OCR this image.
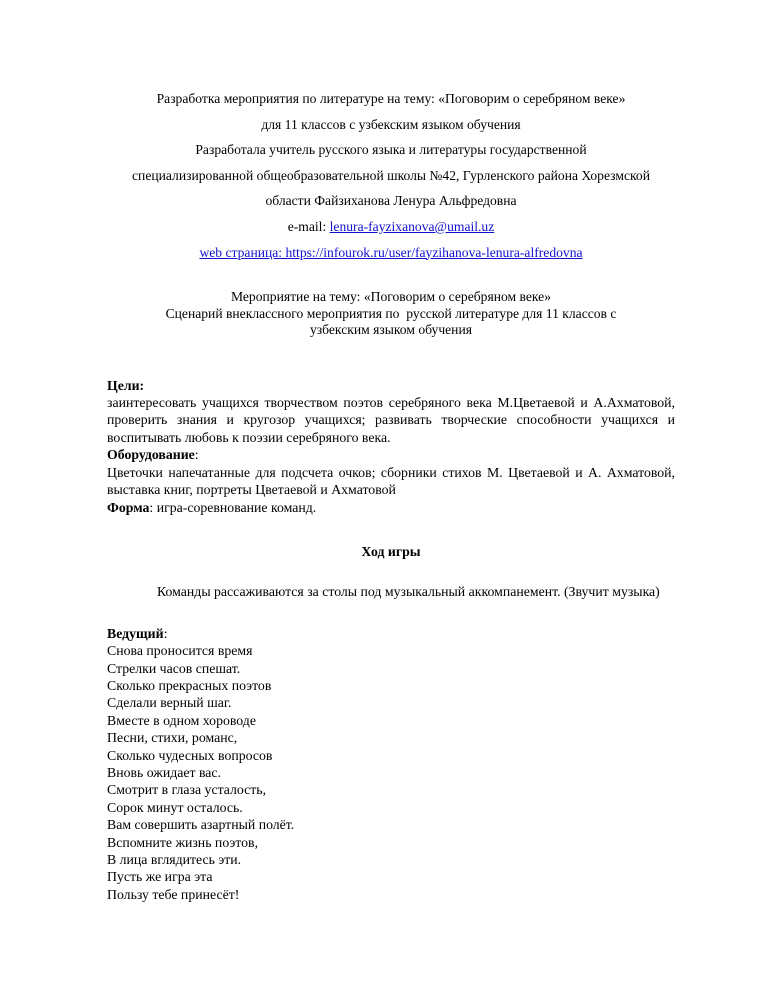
Разработка мероприятия по литературе на тему: «Поговорим о серебряном веке»
для 11 классов с узбекским языком обучения
Разработала учитель русского языка и литературы государственной
специализированной общеобразовательной школы №42, Гурленского района Хорезмской
области Файзиханова Ленура Альфредовна
e-mail: lenura-fayzixanova@umail.uz
web страница: https://infourok.ru/user/fayzihanova-lenura-alfredovna
Мероприятие на тему: «Поговорим о серебряном веке»
Сценарий внеклассного мероприятия по  русской литературе для 11 классов с
узбекским языком обучения
Цели:
заинтересовать учащихся творчеством поэтов серебряного века М.Цветаевой и А.Ахматовой, проверить знания и кругозор учащихся; развивать творческие способности учащихся и воспитывать любовь к поэзии серебряного века.
Оборудование:
Цветочки напечатанные для подсчета очков; сборники стихов М. Цветаевой и А. Ахматовой, выставка книг, портреты Цветаевой и Ахматовой
Форма: игра-соревнование команд.
Ход игры
Команды рассаживаются за столы под музыкальный аккомпанемент. (Звучит музыка)
Ведущий:
Снова проносится время
Стрелки часов спешат.
Сколько прекрасных поэтов
Сделали верный шаг.
Вместе в одном хороводе
Песни, стихи, романс,
Сколько чудесных вопросов
Вновь ожидает вас.
Смотрит в глаза усталость,
Сорок минут осталось.
Вам совершить азартный полёт.
Вспомните жизнь поэтов,
В лица вглядитесь эти.
Пусть же игра эта
Пользу тебе принесёт!
